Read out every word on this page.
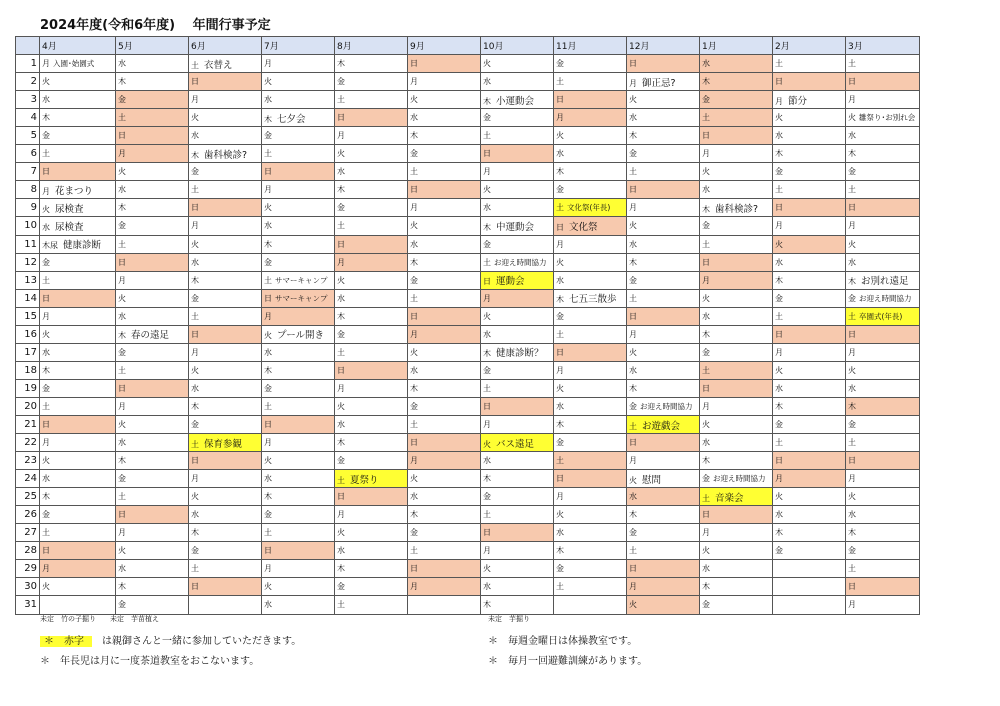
2024年度(令和6年度)　 年間行事予定
	4月	5月	6月	7月	8月	9月	10月	11月	12月	1月	2月	3月
1	月 入園･始園式	水	土 衣替え	月	木	日	火	金	日	水	土	土
2	火	木	日	火	金	月	水	土	月 御正忌?	木	日	日
3	水	金	月	水	土	火	木 小運動会	日	火	金	月 節分	月
4	木	土	火	木 七夕会	日	水	金	月	水	土	火	火 雛祭り･お別れ会
5	金	日	水	金	月	木	土	火	木	日	水	水
6	土	月	木 歯科検診?	土	火	金	日	水	金	月	木	木
7	日	火	金	日	水	土	月	木	土	火	金	金
8	月 花まつり	水	土	月	木	日	火	金	日	水	土	土
9	火 尿検査	木	日	火	金	月	水	土 文化祭(年長)	月	木 歯科検診?	日	日
10	水 尿検査	金	月	水	土	火	木 中運動会	日 文化祭	火	金	月	月
11	木尿 健康診断	土	火	木	日	水	金	月	水	土	火	火
12	金	日	水	金	月	木	土 お迎え時間協力	火	木	日	水	水
13	土	月	木	土 サマーキャンプ	火	金	日 運動会	水	金	月	木	木 お別れ遠足
14	日	火	金	日 サマーキャンプ	水	土	月	木 七五三散歩	土	火	金	金 お迎え時間協力
15	月	水	土	月	木	日	火	金	日	水	土	土 卒園式(年長)
16	火	木 春の遠足	日	火 プール開き	金	月	水	土	月	木	日	日
17	水	金	月	水	土	火	木 健康診断？	日	火	金	月	月
18	木	土	火	木	日	水	金	月	水	土	火	火
19	金	日	水	金	月	木	土	火	木	日	水	水
20	土	月	木	土	火	金	日	水	金 お迎え時間協力	月	木	木
21	日	火	金	日	水	土	月	木	土 お遊戯会	火	金	金
22	月	水	土 保育参観	月	木	日	火 バス遠足	金	日	水	土	土
23	火	木	日	火	金	月	水	土	月	木	日	日
24	水	金	月	水	土 夏祭り	火	木	日	火 慰問	金 お迎え時間協力	月	月
25	木	土	火	木	日	水	金	月	水	土 音楽会	火	火
26	金	日	水	金	月	木	土	火	木	日	水	水
27	土	月	木	土	火	金	日	水	金	月	木	木
28	日	火	金	日	水	土	月	木	土	火	金	金
29	月	水	土	月	木	日	火	金	日	水		土
30	火	木	日	火	金	月	水	土	月	木		日
31		金		水	土		木		火	金		月
未定　竹の子掘り　　未定　芋苗植え	未定　芋掘り
＊　 赤字　 は親御さんと一緒に参加していただきます。	＊　 毎週金曜日は体操教室です。
＊　 年長児は月に一度茶道教室をおこないます。	＊　 毎月一回避難訓練があります。
